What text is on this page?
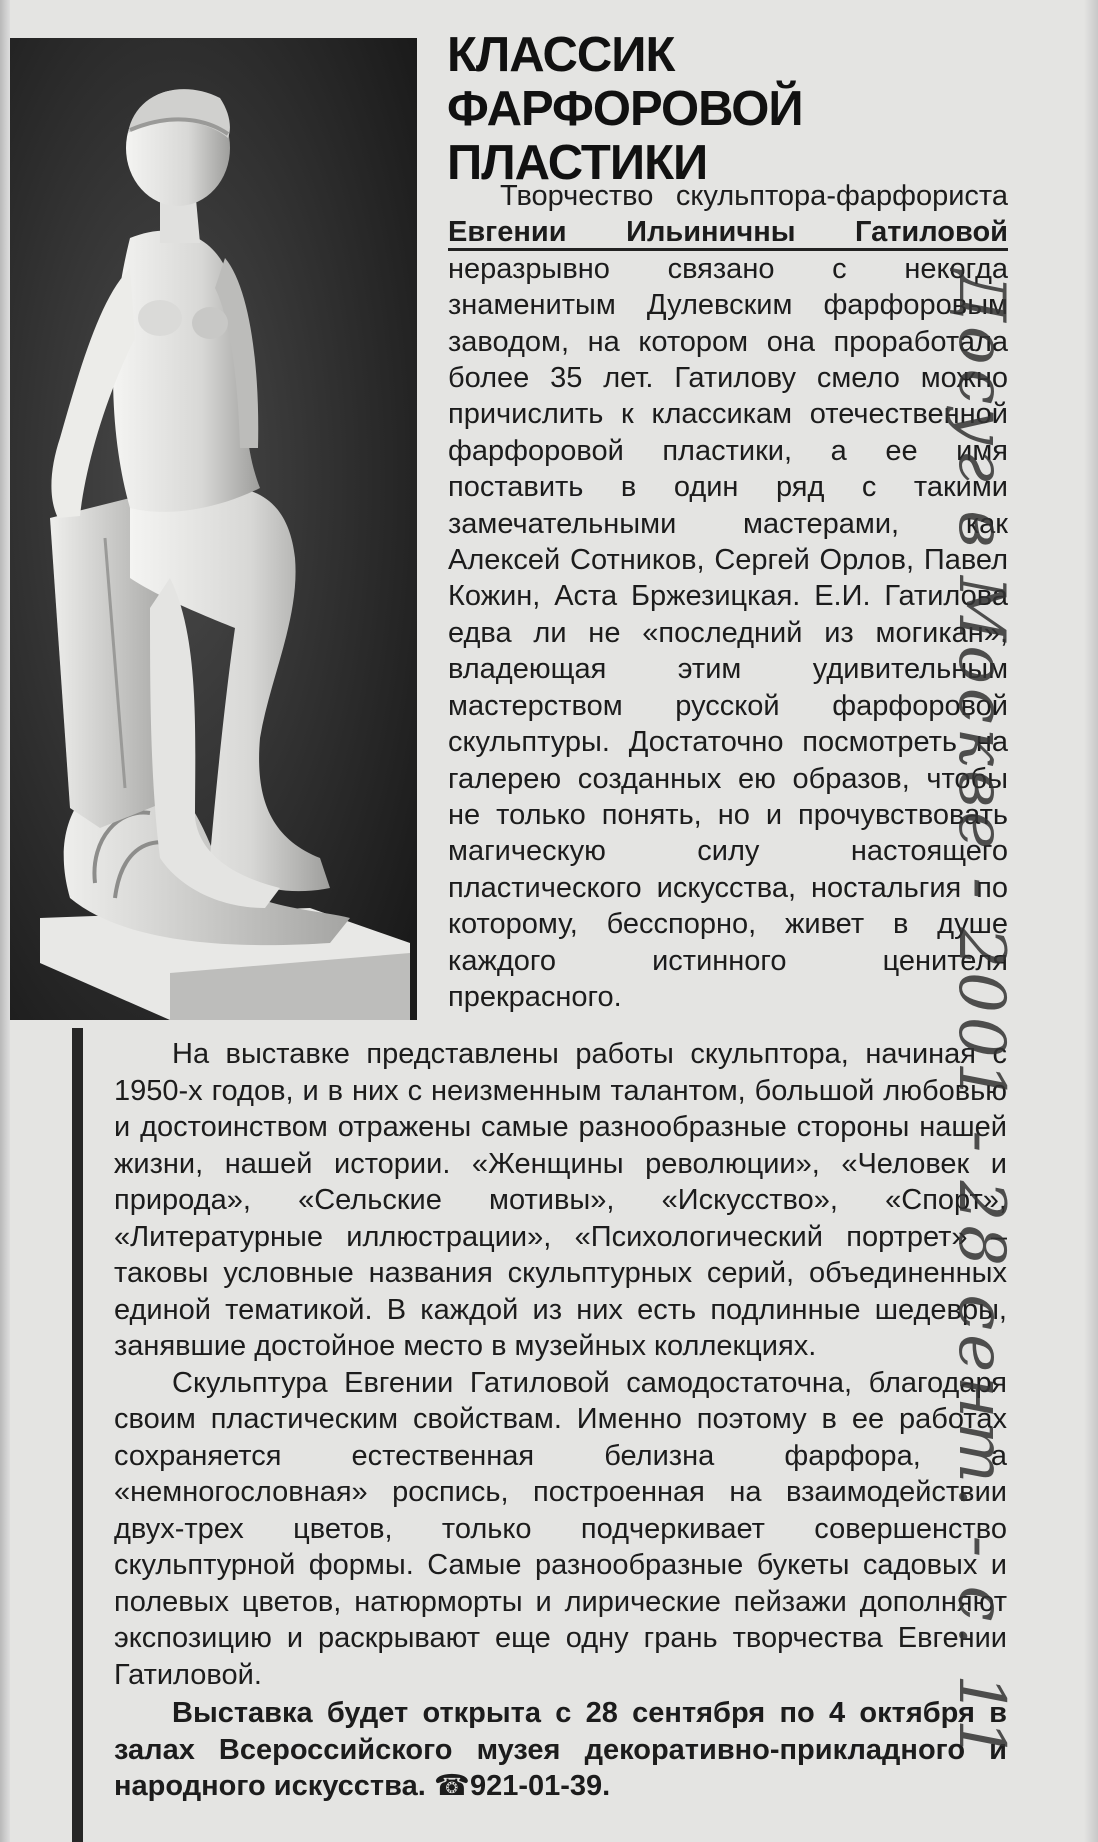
КЛАССИК
ФАРФОРОВОЙ
ПЛАСТИКИ

Творчество скульптора-фарфориста Евгении Ильиничны Гатиловой неразрывно связано с некогда знаменитым Дулевским фарфоровым заводом, на котором она проработала более 35 лет. Гатилову смело можно причислить к классикам отечественной фарфоровой пластики, а ее имя поставить в один ряд с такими замечательными мастерами, как Алексей Сотников, Сергей Орлов, Павел Кожин, Аста Бржезицкая. Е.И. Гатилова едва ли не «последний из могикан», владеющая этим удивительным мастерством русской фарфоровой скульптуры. Достаточно посмотреть на галерею созданных ею образов, чтобы не только понять, но и прочувствовать магическую силу настоящего пластического искусства, ностальгия по которому, бесспорно, живет в душе каждого истинного ценителя прекрасного.

На выставке представлены работы скульптора, начиная с 1950-х годов, и в них с неизменным талантом, большой любовью и достоинством отражены самые разнообразные стороны нашей жизни, нашей истории. «Женщины революции», «Человек и природа», «Сельские мотивы», «Искусство», «Спорт», «Литературные иллюстрации», «Психологический портрет» – таковы условные названия скульптурных серий, объединенных единой тематикой. В каждой из них есть подлинные шедевры, занявшие достойное место в музейных коллекциях.

Скульптура Евгении Гатиловой самодостаточна, благодаря своим пластическим свойствам. Именно поэтому в ее работах сохраняется естественная белизна фарфора, а «немногословная» роспись, построенная на взаимодействии двух-трех цветов, только подчеркивает совершенство скульптурной формы. Самые разнообразные букеты садовых и полевых цветов, натюрморты и лирические пейзажи дополняют экспозицию и раскрывают еще одну грань творчества Евгении Гатиловой.

Выставка будет открыта с 28 сентября по 4 октября в залах Всероссийского музея декоративно-прикладного и народного искусства. ☎921-01-39.

Досуг в Москве - 2001 - 28 сент. - с. 11
